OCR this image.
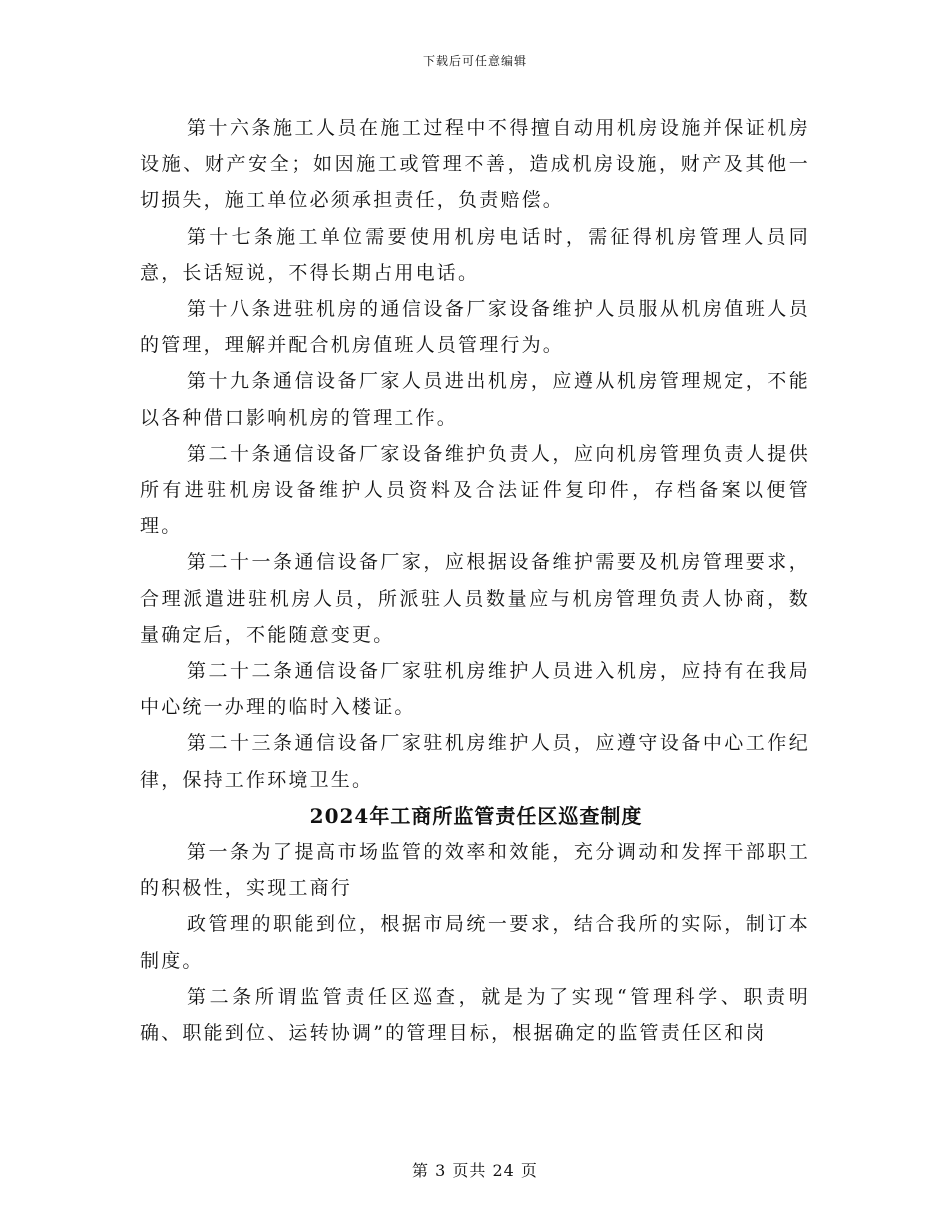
下载后可任意编辑

第十六条施工人员在施工过程中不得擅自动用机房设施并保证机房设施、财产安全；如因施工或管理不善，造成机房设施，财产及其他一切损失，施工单位必须承担责任，负责赔偿。

第十七条施工单位需要使用机房电话时，需征得机房管理人员同意，长话短说，不得长期占用电话。

第十八条进驻机房的通信设备厂家设备维护人员服从机房值班人员的管理，理解并配合机房值班人员管理行为。

第十九条通信设备厂家人员进出机房，应遵从机房管理规定，不能以各种借口影响机房的管理工作。

第二十条通信设备厂家设备维护负责人，应向机房管理负责人提供所有进驻机房设备维护人员资料及合法证件复印件，存档备案以便管理。

第二十一条通信设备厂家，应根据设备维护需要及机房管理要求，合理派遣进驻机房人员，所派驻人员数量应与机房管理负责人协商，数量确定后，不能随意变更。

第二十二条通信设备厂家驻机房维护人员进入机房，应持有在我局中心统一办理的临时入楼证。

第二十三条通信设备厂家驻机房维护人员，应遵守设备中心工作纪律，保持工作环境卫生。

2024年工商所监管责任区巡查制度

第一条为了提高市场监管的效率和效能，充分调动和发挥干部职工的积极性，实现工商行

政管理的职能到位，根据市局统一要求，结合我所的实际，制订本制度。

第二条所谓监管责任区巡查，就是为了实现“管理科学、职责明确、职能到位、运转协调”的管理目标，根据确定的监管责任区和岗

第 3 页共 24 页
